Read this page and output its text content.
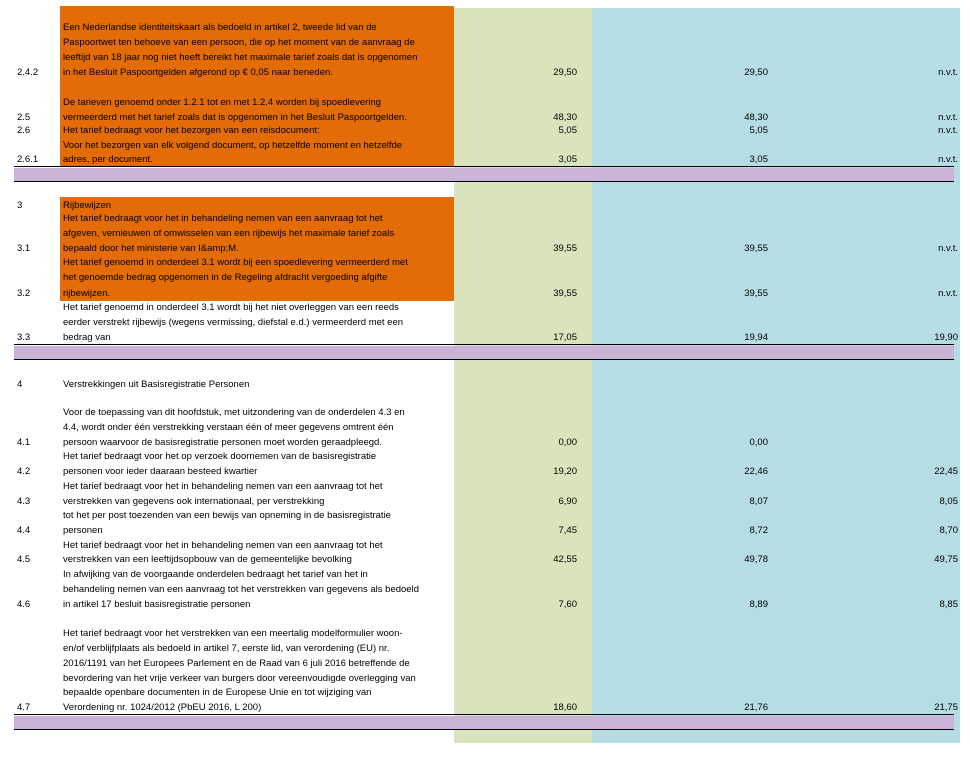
2.4.2
Een Nederlandse identiteitskaart als bedoeld in artikel 2, tweede lid van de
Paspoortwet ten behoeve van een persoon, die op het moment van de aanvraag de
leeftijd van 18 jaar nog niet heeft bereikt het maximale tarief zoals dat is opgenomen
in het Besluit Paspoortgelden afgerond op € 0,05 naar beneden.	29,50	29,50	n.v.t.
De tarieven genoemd onder 1.2.1 tot en met 1.2.4 worden bij spoedlevering
2.5	vermeerderd met het tarief zoals dat is opgenomen in het Besluit Paspoortgelden.	48,30	48,30	n.v.t.
2.6	Het tarief bedraagt voor het bezorgen van een reisdocument:	5,05	5,05	n.v.t.
Voor het bezorgen van elk volgend document, op hetzelfde moment en hetzelfde
2.6.1	adres, per document.	3,05	3,05	n.v.t.
3	Rijbewijzen
Het tarief bedraagt voor het in behandeling nemen van een aanvraag tot het
afgeven, vernieuwen of omwisselen van een rijbewijs het maximale tarief zoals
3.1	bepaald door het ministerie van I&amp;M.	39,55	39,55	n.v.t.
Het tarief genoemd in onderdeel 3.1 wordt bij een spoedlevering vermeerderd met
het genoemde bedrag opgenomen in de Regeling afdracht vergoeding afgifte
3.2	rijbewijzen.	39,55	39,55	n.v.t.
Het tarief genoemd in onderdeel 3.1 wordt bij het niet overleggen van een reeds
eerder verstrekt rijbewijs (wegens vermissing, diefstal e.d.) vermeerderd met een
3.3	bedrag van	17,05	19,94	19,90
4	Verstrekkingen uit Basisregistratie Personen
Voor de toepassing van dit hoofdstuk, met uitzondering van de onderdelen 4.3 en
4.4, wordt onder één verstrekking verstaan één of meer gegevens omtrent één
4.1	persoon waarvoor de basisregistratie personen moet worden geraadpleegd.	0,00	0,00
Het tarief bedraagt voor het op verzoek doornemen van de basisregistratie
4.2	personen voor ieder daaraan besteed kwartier	19,20	22,46	22,45
Het tarief bedraagt voor het in behandeling nemen van een aanvraag tot het
4.3	verstrekken van gegevens ook internationaal, per verstrekking	6,90	8,07	8,05
tot het per post toezenden van een bewijs van opneming in de basisregistratie
4.4	personen	7,45	8,72	8,70
Het tarief bedraagt voor het in behandeling nemen van een aanvraag tot het
4.5	verstrekken van een leeftijdsopbouw van de gemeentelijke bevolking	42,55	49,78	49,75
In afwijking van de voorgaande onderdelen bedraagt het tarief van het in
behandeling nemen van een aanvraag tot het verstrekken van gegevens als bedoeld
4.6	in artikel 17 besluit basisregistratie personen	7,60	8,89	8,85
Het tarief bedraagt voor het verstrekken van een meertalig modelformulier woon-
en/of verblijfplaats als bedoeld in artikel 7, eerste lid, van verordening (EU) nr.
2016/1191 van het Europees Parlement en de Raad van 6 juli 2016 betreffende de
bevordering van het vrije verkeer van burgers door vereenvoudigde overlegging van
bepaalde openbare documenten in de Europese Unie en tot wijziging van
4.7	Verordening nr. 1024/2012 (PbEU 2016, L 200)	18,60	21,76	21,75
